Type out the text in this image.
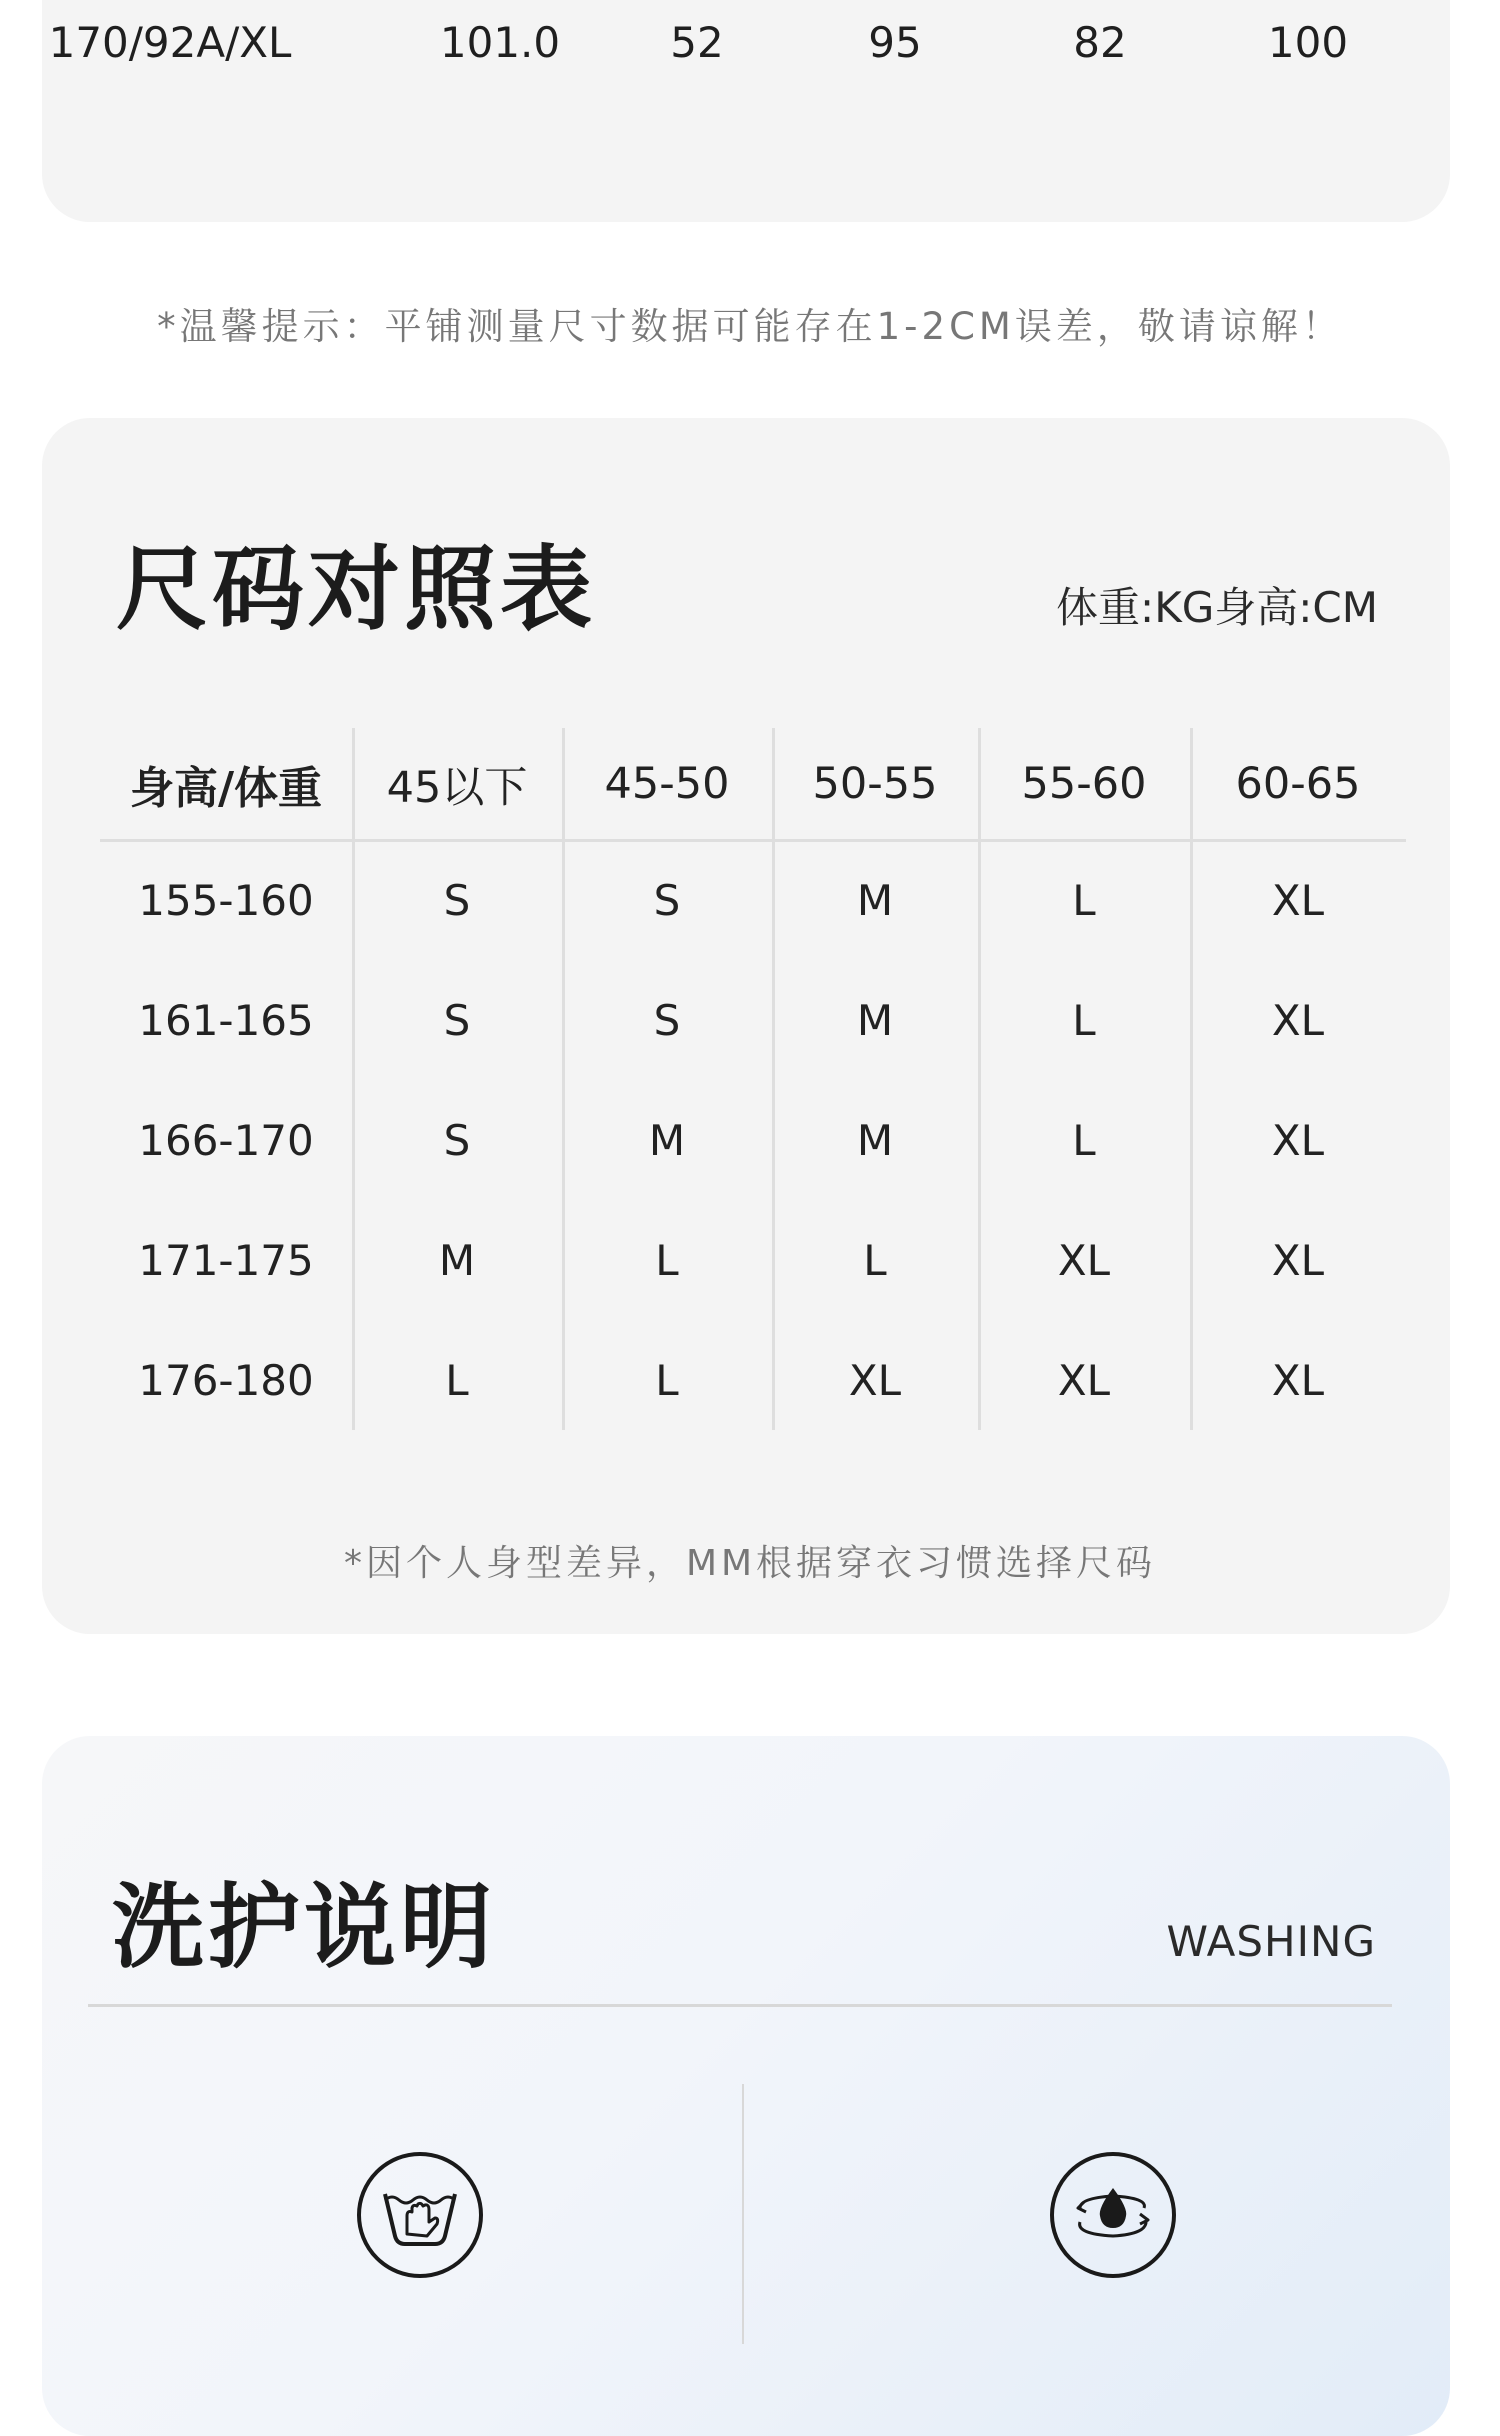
170/92A/XL	101.0	52	95	82	100
*温馨提示：平铺测量尺寸数据可能存在1-2CM误差，敬请谅解！
尺码对照表	体重:KG身高:CM
身高/体重	45以下	45-50	50-55	55-60	60-65
155-160	S	S	M	L	XL
161-165	S	S	M	L	XL
166-170	S	M	M	L	XL
171-175	M	L	L	XL	XL
176-180	L	L	XL	XL	XL
*因个人身型差异，MM根据穿衣习惯选择尺码
洗护说明	WASHING
